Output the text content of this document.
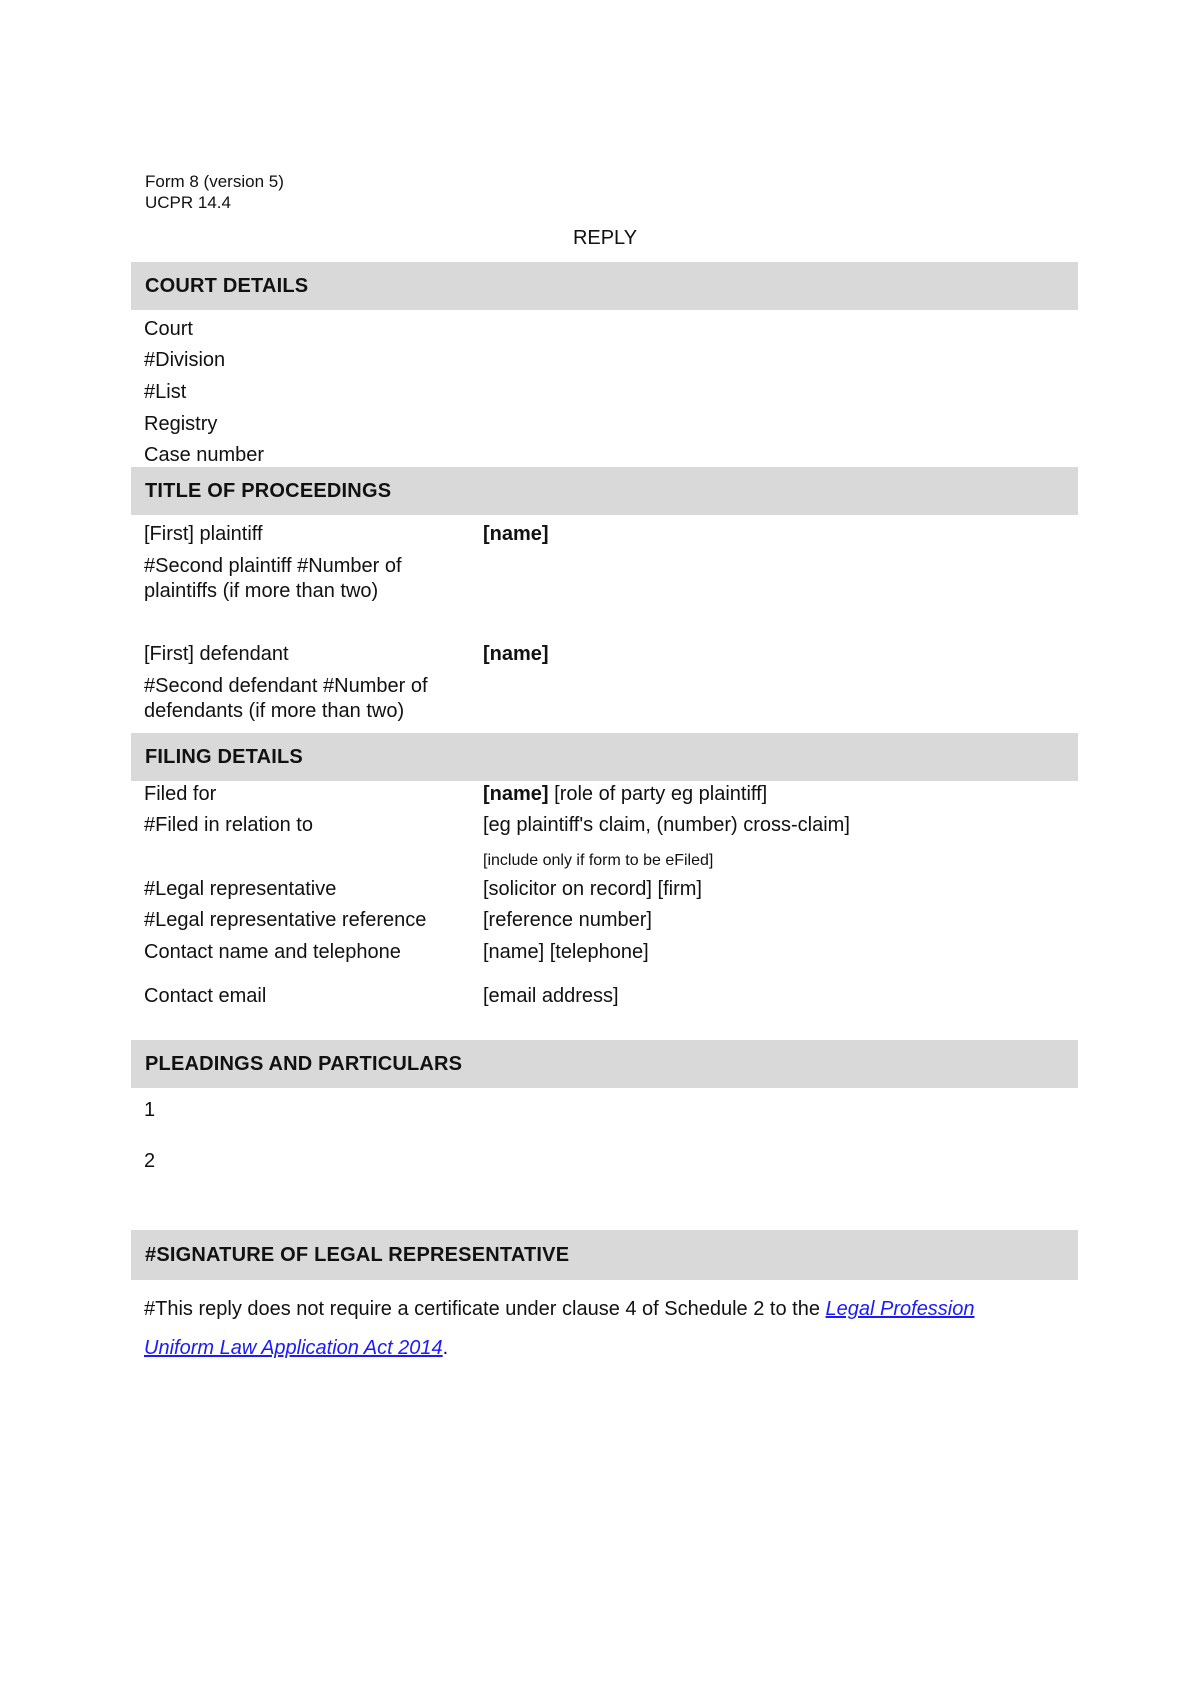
Form 8 (version 5)
UCPR 14.4
REPLY
COURT DETAILS
Court
#Division
#List
Registry
Case number
TITLE OF PROCEEDINGS
[First] plaintiff	[name]
#Second plaintiff #Number of plaintiffs (if more than two)
[First] defendant	[name]
#Second defendant #Number of defendants (if more than two)
FILING DETAILS
Filed for	[name] [role of party eg plaintiff]
#Filed in relation to	[eg plaintiff's claim, (number) cross-claim]
[include only if form to be eFiled]
#Legal representative	[solicitor on record] [firm]
#Legal representative reference	[reference number]
Contact name and telephone	[name] [telephone]
Contact email	[email address]
PLEADINGS AND PARTICULARS
1
2
#SIGNATURE OF LEGAL REPRESENTATIVE
#This reply does not require a certificate under clause 4 of Schedule 2 to the Legal Profession Uniform Law Application Act 2014.
